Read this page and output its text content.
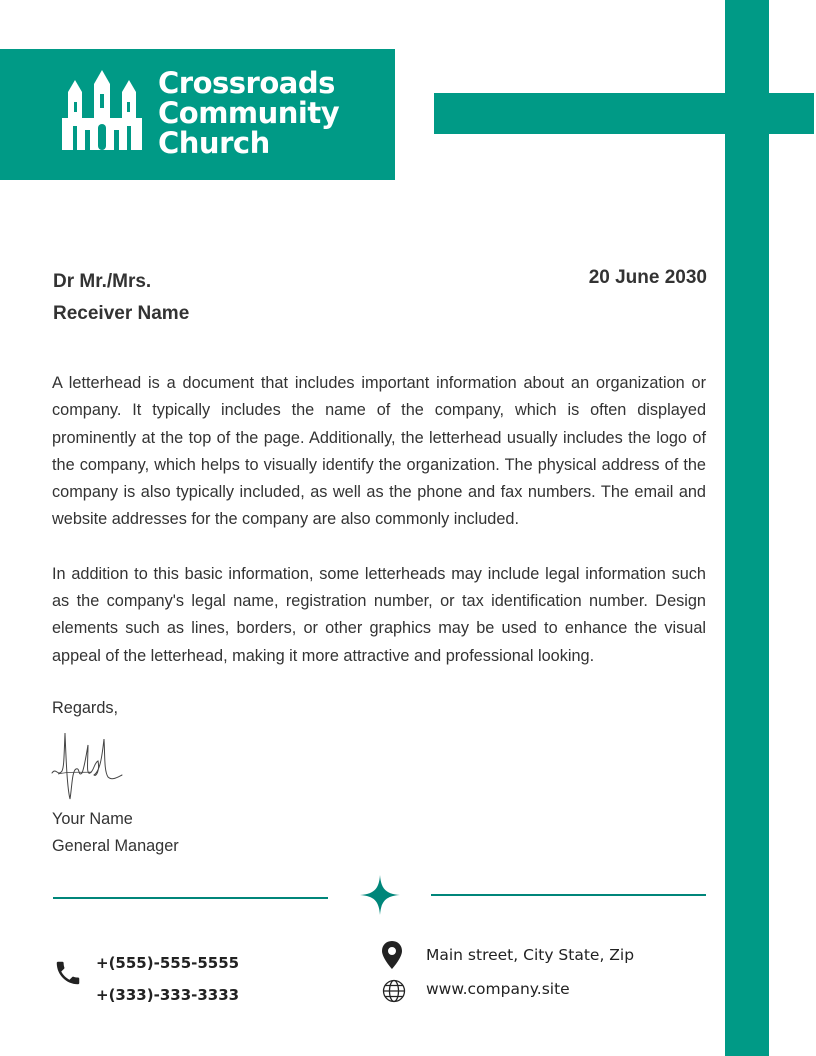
Crossroads
Community
Church
Dr Mr./Mrs.
Receiver Name
20 June 2030

A letterhead is a document that includes important information about an organization or company. It typically includes the name of the company, which is often displayed prominently at the top of the page. Additionally, the letterhead usually includes the logo of the company, which helps to visually identify the organization. The physical address of the company is also typically included, as well as the phone and fax numbers. The email and website addresses for the company are also commonly included.

In addition to this basic information, some letterheads may include legal information such as the company's legal name, registration number, or tax identification number. Design elements such as lines, borders, or other graphics may be used to enhance the visual appeal of the letterhead, making it more attractive and professional looking.

Regards,
Your Name
General Manager
+(555)-555-5555
+(333)-333-3333
Main street, City State, Zip
www.company.site
